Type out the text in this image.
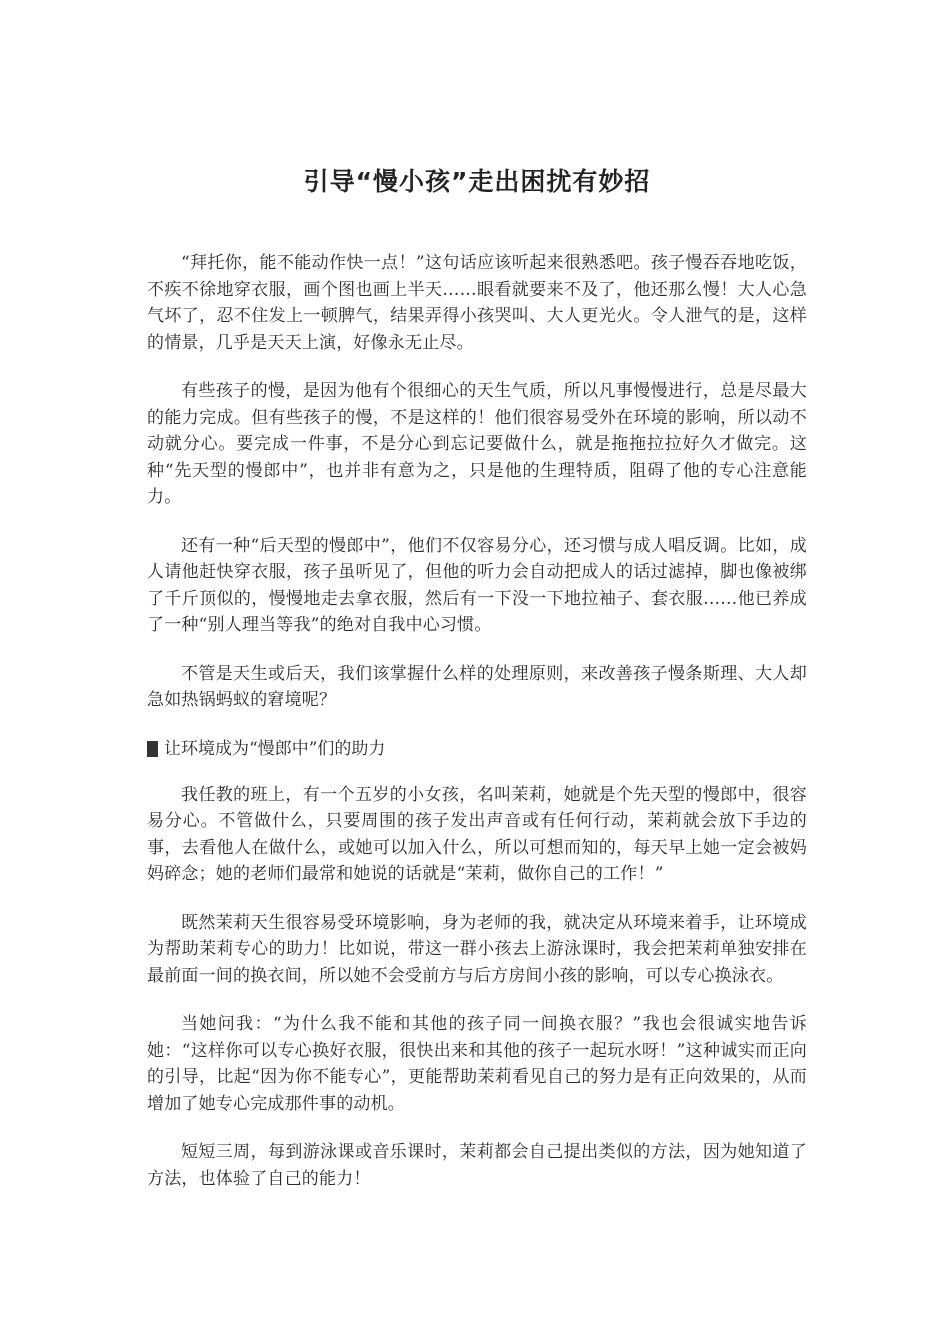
引导“慢小孩”走出困扰有妙招

“拜托你，能不能动作快一点！”这句话应该听起来很熟悉吧。孩子慢吞吞地吃饭，不疾不徐地穿衣服，画个图也画上半天……眼看就要来不及了，他还那么慢！大人心急气坏了，忍不住发上一顿脾气，结果弄得小孩哭叫、大人更光火。令人泄气的是，这样的情景，几乎是天天上演，好像永无止尽。

有些孩子的慢，是因为他有个很细心的天生气质，所以凡事慢慢进行，总是尽最大的能力完成。但有些孩子的慢，不是这样的！他们很容易受外在环境的影响，所以动不动就分心。要完成一件事，不是分心到忘记要做什么，就是拖拖拉拉好久才做完。这种“先天型的慢郎中”，也并非有意为之，只是他的生理特质，阻碍了他的专心注意能力。

还有一种“后天型的慢郎中”，他们不仅容易分心，还习惯与成人唱反调。比如，成人请他赶快穿衣服，孩子虽听见了，但他的听力会自动把成人的话过滤掉，脚也像被绑了千斤顶似的，慢慢地走去拿衣服，然后有一下没一下地拉袖子、套衣服……他已养成了一种“别人理当等我”的绝对自我中心习惯。

不管是天生或后天，我们该掌握什么样的处理原则，来改善孩子慢条斯理、大人却急如热锅蚂蚁的窘境呢？

让环境成为“慢郎中”们的助力

我任教的班上，有一个五岁的小女孩，名叫茉莉，她就是个先天型的慢郎中，很容易分心。不管做什么，只要周围的孩子发出声音或有任何行动，茉莉就会放下手边的事，去看他人在做什么，或她可以加入什么，所以可想而知的，每天早上她一定会被妈妈碎念；她的老师们最常和她说的话就是“茉莉，做你自己的工作！”

既然茉莉天生很容易受环境影响，身为老师的我，就决定从环境来着手，让环境成为帮助茉莉专心的助力！比如说，带这一群小孩去上游泳课时，我会把茉莉单独安排在最前面一间的换衣间，所以她不会受前方与后方房间小孩的影响，可以专心换泳衣。

当她问我：“为什么我不能和其他的孩子同一间换衣服？”我也会很诚实地告诉她：“这样你可以专心换好衣服，很快出来和其他的孩子一起玩水呀！”这种诚实而正向的引导，比起“因为你不能专心”，更能帮助茉莉看见自己的努力是有正向效果的，从而增加了她专心完成那件事的动机。

短短三周，每到游泳课或音乐课时，茉莉都会自己提出类似的方法，因为她知道了方法，也体验了自己的能力！
